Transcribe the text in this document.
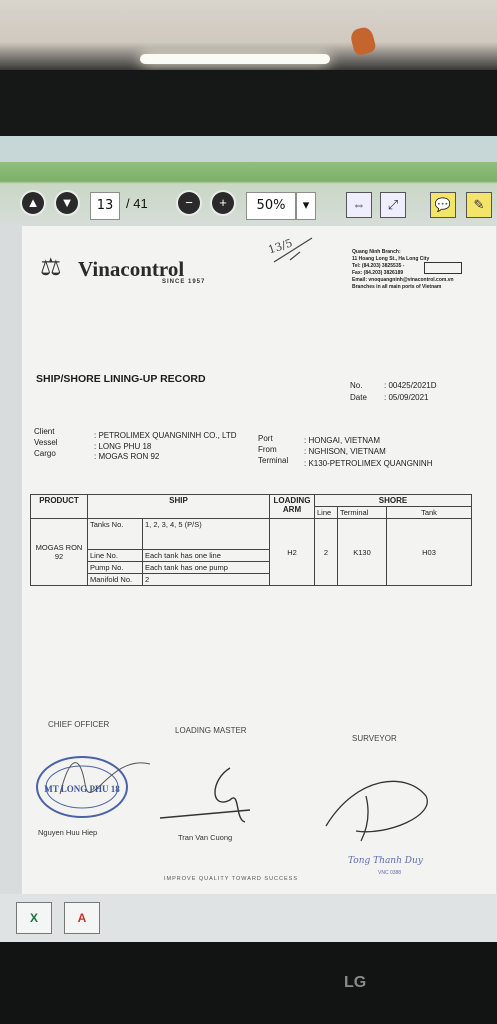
▲	▼	13 / 41	−	+	50%	▾	⇔	⤢	💬	✎
⚖ Vinacontrol
SINCE 1957
13/5	Quang Ninh Branch:
11 Hoang Long St., Ha Long City
Tel: (84.203) 3825535 -
Fax: (84.203) 3826189
Email: vnoquangninh@vinacontrol.com.vn
Branches in all main ports of Vietnam
SHIP/SHORE LINING-UP RECORD
No.	: 00425/2021D
Date : 05/09/2021
Client	: PETROLIMEX QUANGNINH CO., LTD
Vessel	: LONG PHU 18
Cargo	: MOGAS RON 92
Port	: HONGAI, VIETNAM
From	: NGHISON, VIETNAM
Terminal : K130-PETROLIMEX QUANGNINH
PRODUCT	SHIP		LOADING ARM	SHORE		
				Line	Terminal	Tank
MOGAS RON 92	Tanks No.	1, 2, 3, 4, 5 (P/S)	H2	2	K130	H03
	Line No.	Each tank has one line				
	Pump No.	Each tank has one pump				
	Manifold No.	2				
CHIEF OFFICER
LOADING MASTER
SURVEYOR
MT LONG PHU 18
Nguyen Huu Hiep
Tran Van Cuong
Tong Thanh Duy
VNC 0388
IMPROVE QUALITY TOWARD SUCCESS
X	A
LG
